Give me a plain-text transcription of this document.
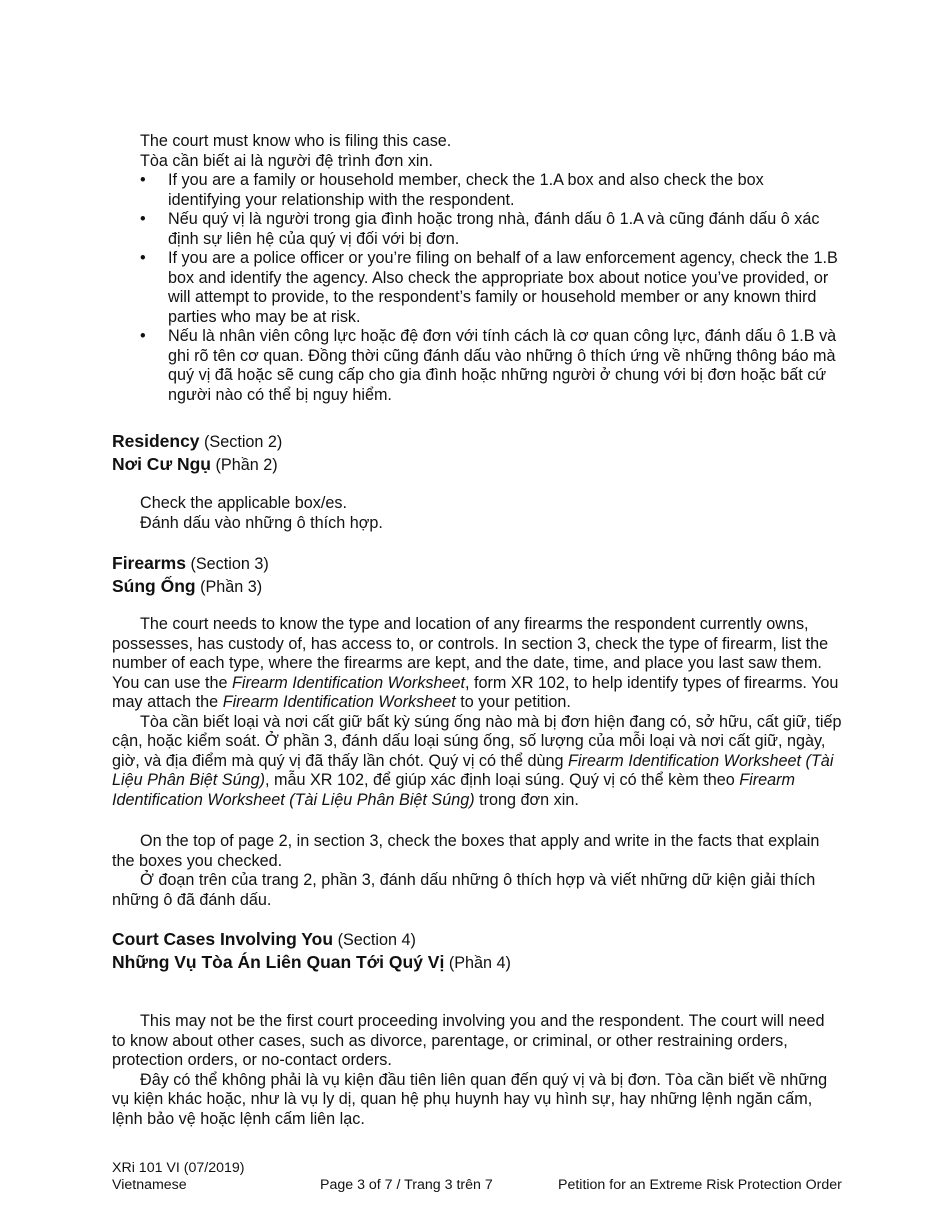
The court must know who is filing this case.

Tòa cần biết ai là người đệ trình đơn xin.

• If you are a family or household member, check the 1.A box and also check the box identifying your relationship with the respondent.
• Nếu quý vị là người trong gia đình hoặc trong nhà, đánh dấu ô 1.A và cũng đánh dấu ô xác định sự liên hệ của quý vị đối với bị đơn.
• If you are a police officer or you’re filing on behalf of a law enforcement agency, check the 1.B box and identify the agency. Also check the appropriate box about notice you’ve provided, or will attempt to provide, to the respondent’s family or household member or any known third parties who may be at risk.
• Nếu là nhân viên công lực hoặc đệ đơn với tính cách là cơ quan công lực, đánh dấu ô 1.B và ghi rõ tên cơ quan. Đồng thời cũng đánh dấu vào những ô thích ứng về những thông báo mà quý vị đã hoặc sẽ cung cấp cho gia đình hoặc những người ở chung với bị đơn hoặc bất cứ người nào có thể bị nguy hiểm.
Residency (Section 2)
Nơi Cư Ngụ (Phần 2)

Check the applicable box/es.

Đánh dấu vào những ô thích hợp.

Firearms (Section 3)
Súng Ống (Phần 3)

The court needs to know the type and location of any firearms the respondent currently owns, possesses, has custody of, has access to, or controls. In section 3, check the type of firearm, list the number of each type, where the firearms are kept, and the date, time, and place you last saw them. You can use the Firearm Identification Worksheet, form XR 102, to help identify types of firearms. You may attach the Firearm Identification Worksheet to your petition.

Tòa cần biết loại và nơi cất giữ bất kỳ súng ống nào mà bị đơn hiện đang có, sở hữu, cất giữ, tiếp cận, hoặc kiểm soát. Ở phần 3, đánh dấu loại súng ống, số lượng của mỗi loại và nơi cất giữ, ngày, giờ, và địa điểm mà quý vị đã thấy lần chót. Quý vị có thể dùng Firearm Identification Worksheet (Tài Liệu Phân Biệt Súng), mẫu XR 102, để giúp xác định loại súng. Quý vị có thể kèm theo Firearm Identification Worksheet (Tài Liệu Phân Biệt Súng) trong đơn xin.

On the top of page 2, in section 3, check the boxes that apply and write in the facts that explain the boxes you checked.

Ở đoạn trên của trang 2, phần 3, đánh dấu những ô thích hợp và viết những dữ kiện giải thích những ô đã đánh dấu.

Court Cases Involving You (Section 4)
Những Vụ Tòa Án Liên Quan Tới Quý Vị (Phần 4)

This may not be the first court proceeding involving you and the respondent. The court will need to know about other cases, such as divorce, parentage, or criminal, or other restraining orders, protection orders, or no-contact orders.

Đây có thể không phải là vụ kiện đầu tiên liên quan đến quý vị và bị đơn. Tòa cần biết về những vụ kiện khác hoặc, như là vụ ly dị, quan hệ phụ huynh hay vụ hình sự, hay những lệnh ngăn cấm, lệnh bảo vệ hoặc lệnh cấm liên lạc.

XRi 101 VI (07/2019)
Vietnamese	Page 3 of 7 / Trang 3 trên 7	Petition for an Extreme Risk Protection Order
